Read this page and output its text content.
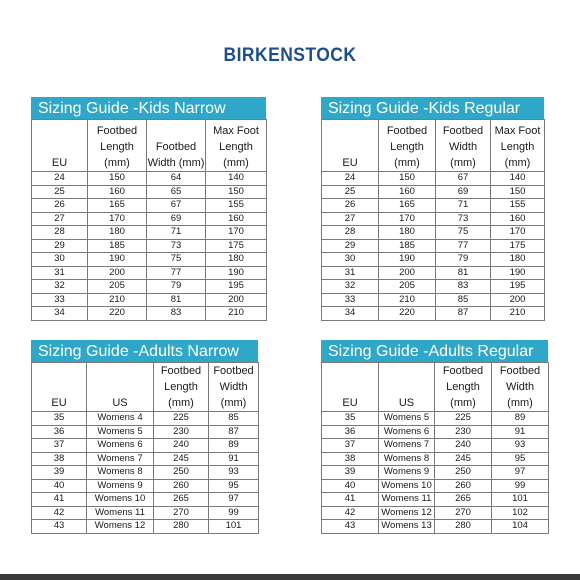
BIRKENSTOCK
Sizing Guide -Kids Narrow
EU	Footbed Length (mm)	Footbed Width (mm)	Max Foot Length (mm)
24	150	64	140
25	160	65	150
26	165	67	155
27	170	69	160
28	180	71	170
29	185	73	175
30	190	75	180
31	200	77	190
32	205	79	195
33	210	81	200
34	220	83	210
Sizing Guide -Kids Regular
EU	Footbed Length (mm)	Footbed Width (mm)	Max Foot Length (mm)
24	150	67	140
25	160	69	150
26	165	71	155
27	170	73	160
28	180	75	170
29	185	77	175
30	190	79	180
31	200	81	190
32	205	83	195
33	210	85	200
34	220	87	210
Sizing Guide -Adults Narrow
EU	US	Footbed Length (mm)	Footbed Width (mm)
35	Womens 4	225	85
36	Womens 5	230	87
37	Womens 6	240	89
38	Womens 7	245	91
39	Womens 8	250	93
40	Womens 9	260	95
41	Womens 10	265	97
42	Womens 11	270	99
43	Womens 12	280	101
Sizing Guide -Adults Regular
EU	US	Footbed Length (mm)	Footbed Width (mm)
35	Womens 5	225	89
36	Womens 6	230	91
37	Womens 7	240	93
38	Womens 8	245	95
39	Womens 9	250	97
40	Womens 10	260	99
41	Womens 11	265	101
42	Womens 12	270	102
43	Womens 13	280	104
